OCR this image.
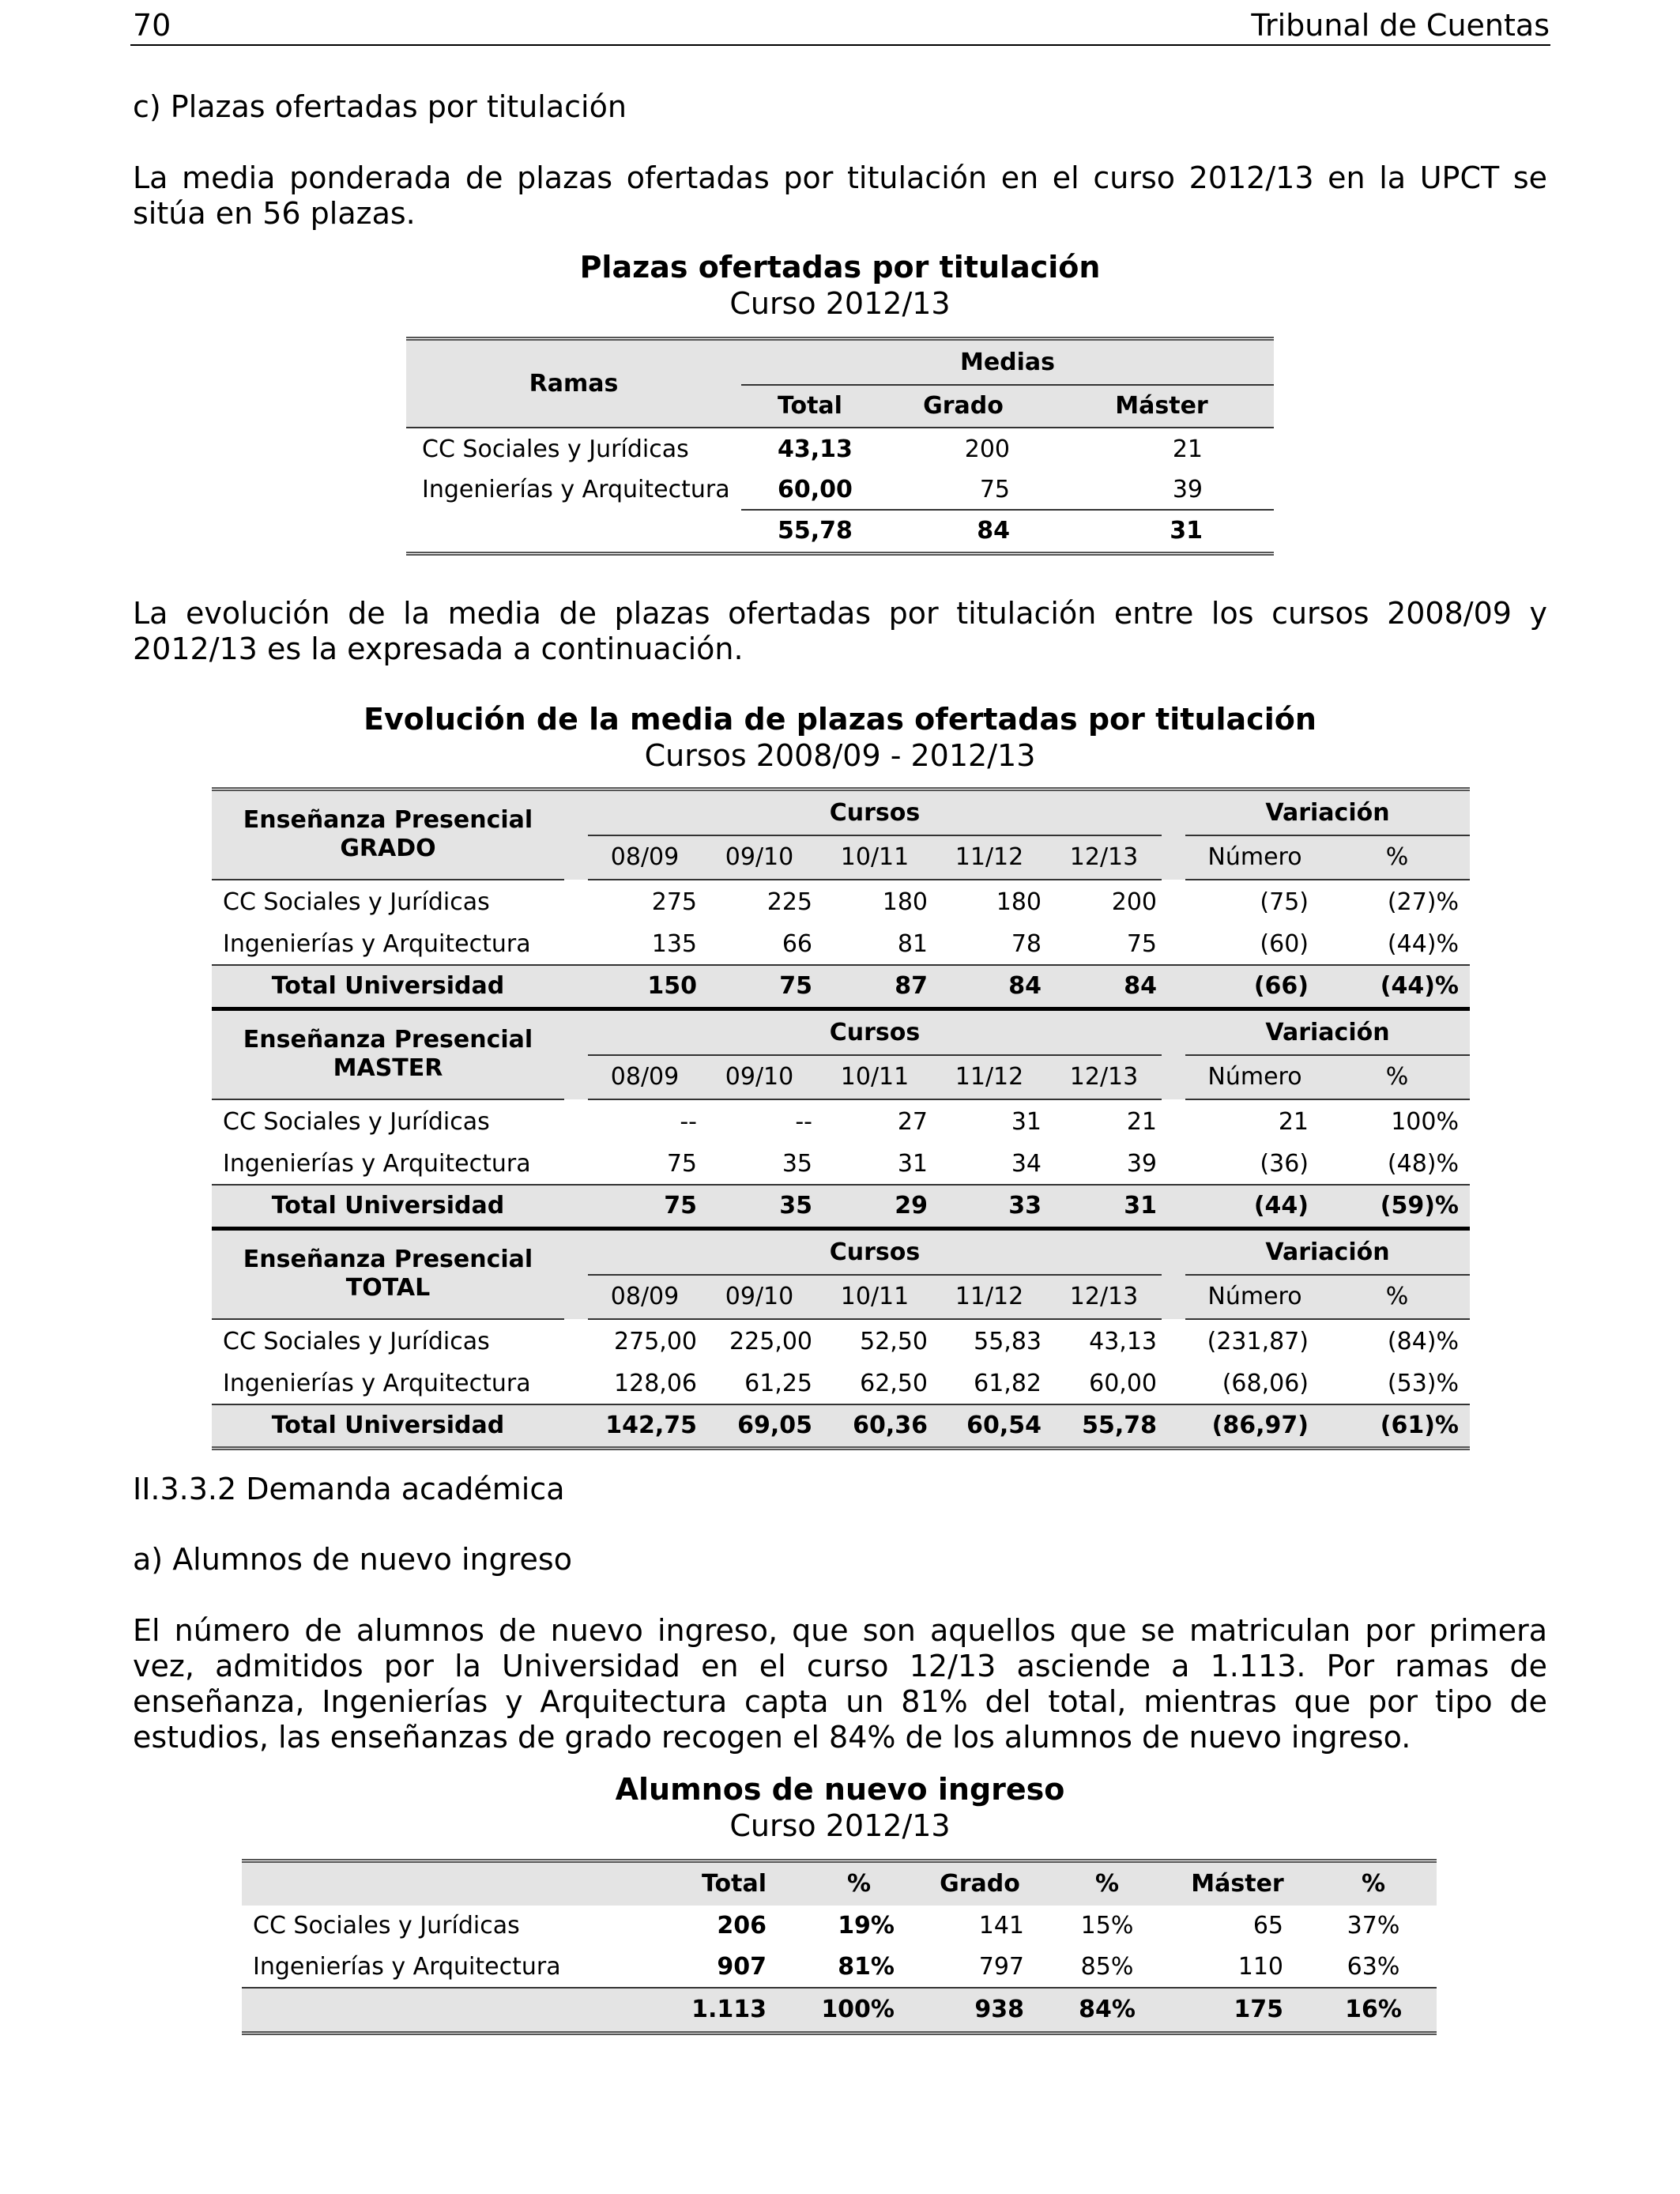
70	Tribunal de Cuentas
c) Plazas ofertadas por titulación
La media ponderada de plazas ofertadas por titulación en el curso 2012/13 en la UPCT se sitúa en 56 plazas.
Plazas ofertadas por titulación
Curso 2012/13
Ramas	Medias		
	Total	Grado	Máster
CC Sociales y Jurídicas	43,13	200	21
Ingenierías y Arquitectura	60,00	75	39
	55,78	84	31
La evolución de la media de plazas ofertadas por titulación entre los cursos 2008/09 y 2012/13 es la expresada a continuación.
Evolución de la media de plazas ofertadas por titulación
Cursos 2008/09 - 2012/13
Enseñanza Presencial
GRADO		Cursos						Variación	
		08/09	09/10	10/11	11/12	12/13		Número	%
CC Sociales y Jurídicas		275	225	180	180	200		(75)	(27)%
Ingenierías y Arquitectura		135	66	81	78	75		(60)	(44)%
Total Universidad		150	75	87	84	84		(66)	(44)%

Enseñanza Presencial
MASTER		Cursos						Variación	
		08/09	09/10	10/11	11/12	12/13		Número	%
CC Sociales y Jurídicas		--	--	27	31	21		21	100%
Ingenierías y Arquitectura		75	35	31	34	39		(36)	(48)%
Total Universidad		75	35	29	33	31		(44)	(59)%

Enseñanza Presencial
TOTAL		Cursos						Variación	
		08/09	09/10	10/11	11/12	12/13		Número	%
CC Sociales y Jurídicas		275,00	225,00	52,50	55,83	43,13		(231,87)	(84)%
Ingenierías y Arquitectura		128,06	61,25	62,50	61,82	60,00		(68,06)	(53)%
Total Universidad		142,75	69,05	60,36	60,54	55,78		(86,97)	(61)%
II.3.3.2 Demanda académica
a) Alumnos de nuevo ingreso
El número de alumnos de nuevo ingreso, que son aquellos que se matriculan por primera vez, admitidos por la Universidad en el curso 12/13 asciende a 1.113. Por ramas de enseñanza, Ingenierías y Arquitectura capta un 81% del total, mientras que por tipo de estudios, las enseñanzas de grado recogen el 84% de los alumnos de nuevo ingreso.
Alumnos de nuevo ingreso
Curso 2012/13
	Total	%	Grado	%	Máster	%
CC Sociales y Jurídicas	206	19%	141	15%	65	37%
Ingenierías y Arquitectura	907	81%	797	85%	110	63%
	1.113	100%	938	84%	175	16%
